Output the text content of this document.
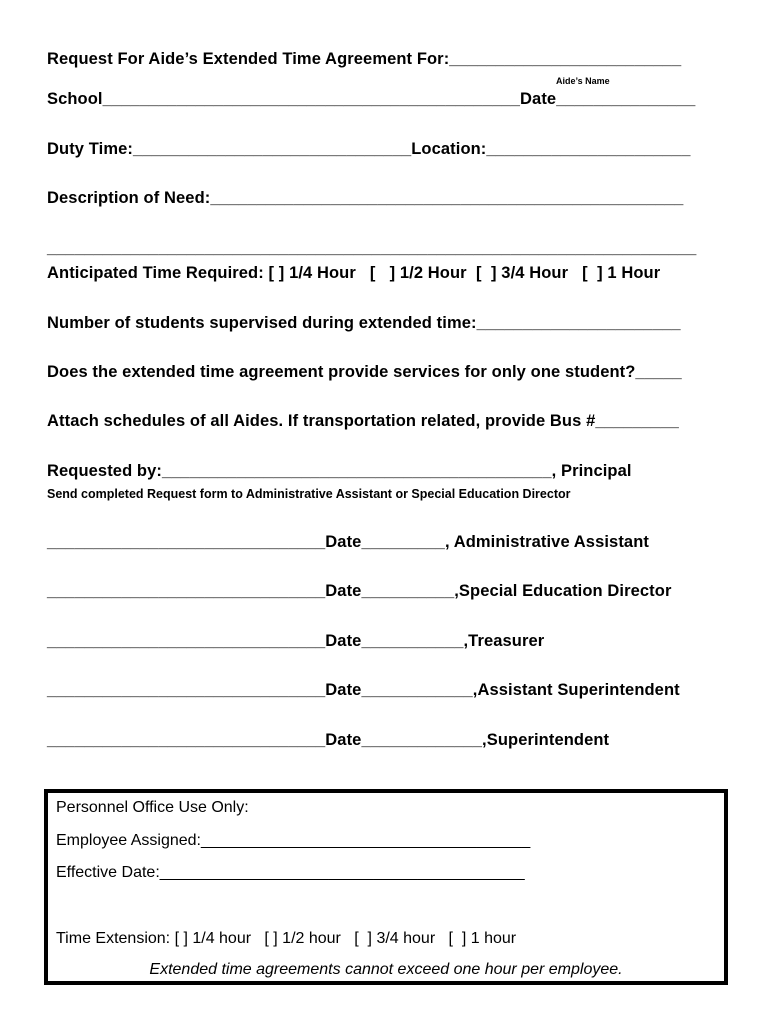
Request For Aide’s Extended Time Agreement For:_________________________
Aide’s Name
School_____________________________________________Date_______________
Duty Time:______________________________Location:______________________
Description of Need:___________________________________________________
______________________________________________________________________
Anticipated Time Required: [ ] 1/4 Hour   [   ] 1/2 Hour  [  ] 3/4 Hour   [  ] 1 Hour
Number of students supervised during extended time:______________________
Does the extended time agreement provide services for only one student?_____
Attach schedules of all Aides. If transportation related, provide Bus #_________
Requested by:__________________________________________, Principal
Send completed Request form to Administrative Assistant or Special Education Director
______________________________Date_________, Administrative Assistant
______________________________Date__________,Special Education Director
______________________________Date___________,Treasurer
______________________________Date____________,Assistant Superintendent
______________________________Date_____________,Superintendent
Personnel Office Use Only:
Employee Assigned:_____________________________________
Effective Date:_________________________________________
Time Extension: [ ] 1/4 hour   [ ] 1/2 hour   [  ] 3/4 hour   [  ] 1 hour
Extended time agreements cannot exceed one hour per employee.
